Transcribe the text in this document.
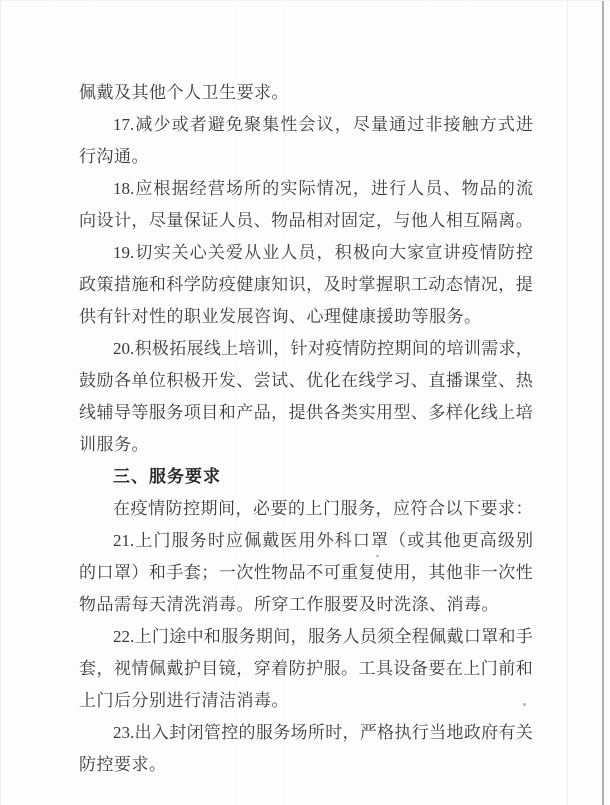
佩戴及其他个人卫生要求。
17. 减 少 或 者 避 免 聚 集 性 会 议 ， 尽 量 通 过 非 接 触 方 式 进
行沟通。
18. 应 根 据 经 营 场 所 的 实 际 情 况 ， 进 行 人 员 、 物 品 的 流
向 设 计 ， 尽 量 保 证 人 员 、 物 品 相 对 固 定 ， 与 他 人 相 互 隔 离 。
19. 切 实 关 心 关 爱 从 业 人 员 ， 积 极 向 大 家 宣 讲 疫 情 防 控
政 策 措 施 和 科 学 防 疫 健 康 知 识 ， 及 时 掌 握 职 工 动 态 情 况 ， 提
供有针对性的职业发展咨询、心理健康援助等服务。
20. 积 极 拓 展 线 上 培 训 ， 针 对 疫 情 防 控 期 间 的 培 训 需 求 ，
鼓 励 各 单 位 积 极 开 发 、 尝 试 、 优 化 在 线 学 习 、 直 播 课 堂 、 热
线 辅 导 等 服 务 项 目 和 产 品 ， 提 供 各 类 实 用 型 、 多 样 化 线 上 培
训服务。
三、服务要求
在疫情防控期间，必要的上门服务，应符合以下要求：
21. 上 门 服 务 时 应 佩 戴 医 用 外 科 口 罩 （ 或 其 他 更 高 级 别
的 口 罩 ） 和 手 套 ； 一 次 性 物 品 不 可 重 复 使 用 ， 其 他 非 一 次 性
物品需每天清洗消毒。所穿工作服要及时洗涤、消毒。
22. 上 门 途 中 和 服 务 期 间 ， 服 务 人 员 须 全 程 佩 戴 口 罩 和 手
套 ， 视 情 佩 戴 护 目 镜 ， 穿 着 防 护 服 。 工 具 设 备 要 在 上 门 前 和
上门后分别进行清洁消毒。
23. 出 入 封 闭 管 控 的 服 务 场 所 时 ， 严 格 执 行 当 地 政 府 有 关
防控要求。
